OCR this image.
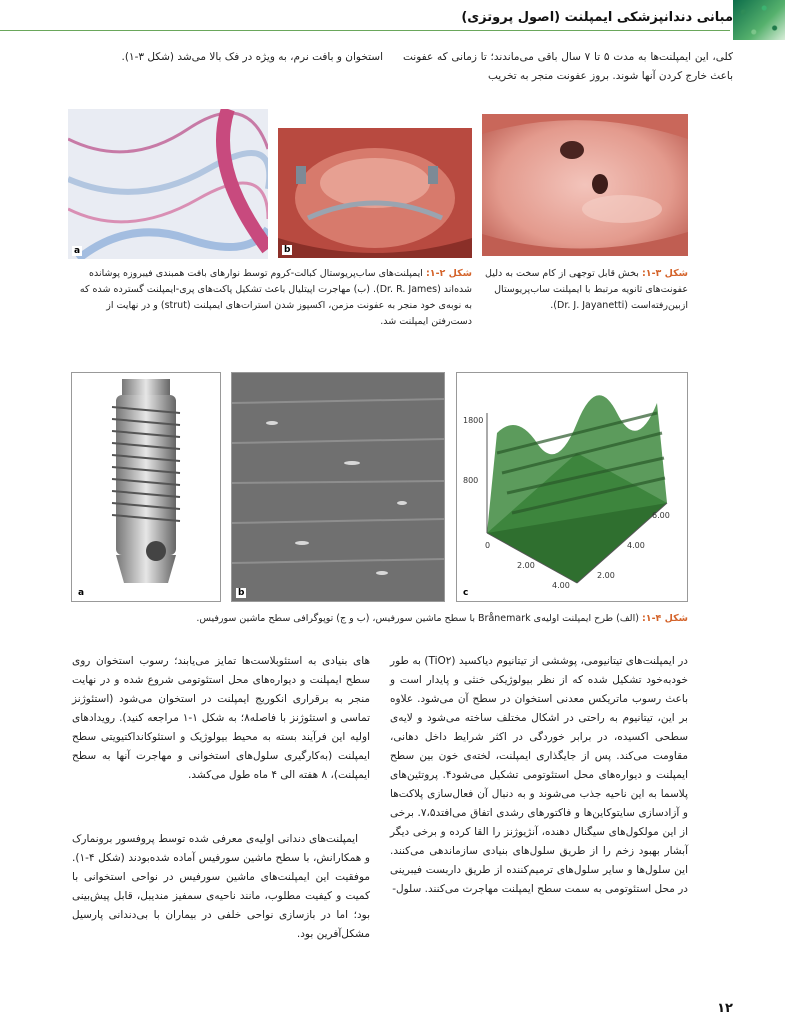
مبانی دندانپزشکی ایمپلنت (اصول پروتزی)
کلی، این ایمپلنت‌ها به مدت ۵ تا ۷ سال باقی می‌ماندند؛ تا زمانی که عفونت باعث خارج کردن آنها شوند. بروز عفونت منجر به تخریب
استخوان و بافت نرم، به ویژه در فک بالا می‌شد (شکل ۳-۱).
b
a
شکل ۳-۱: بخش قابل توجهی از کام سخت به دلیل عفونت‌های ثانویه مرتبط با ایمپلنت ساب‌پریوستال ازبین‌رفته‌است (Dr. J. Jayanetti).
شکل ۲-۱: ایمپلنت‌های ساب‌پریوستال کبالت-کروم توسط نوارهای بافت همبندی فیبروزه پوشانده شده‌اند (Dr. R. James). (ب) مهاجرت اپیتلیال باعث تشکیل پاکت‌های پری-ایمپلنت گسترده شده که به نوبه‌ی خود منجر به عفونت مزمن، اکسپوز شدن استرات‌های ایمپلنت (strut) و در نهایت از دست‌رفتن ایمپلنت شد.
1800
800
0
2.00
4.00
2.00
4.00
6.00
c
b
a
شکل ۴-۱: (الف) طرح ایمپلنت اولیه‌ی Brånemark با سطح ماشین سورفیس، (ب و ج) توپوگرافی سطح ماشین سورفیس.
در ایمپلنت‌های تیتانیومی، پوششی از تیتانیوم دیاکسید (TiO۲) به طور خودبه‌خود تشکیل شده که از نظر بیولوژیکی خنثی و پایدار است و باعث رسوب ماتریکس معدنی استخوان در سطح آن می‌شود. علاوه بر این، تیتانیوم به راحتی در اشکال مختلف ساخته می‌شود و لایه‌ی سطحی اکسیده، در برابر خوردگی در اکثر شرایط داخل دهانی، مقاومت می‌کند. پس از جایگذاری ایمپلنت، لخته‌ی خون بین سطح ایمپلنت و دیواره‌های محل استئوتومی تشکیل می‌شود۴. پروتئین‌های پلاسما به این ناحیه جذب می‌شوند و به دنبال آن فعال‌سازی پلاکت‌ها و آزادسازی سایتوکاین‌ها و فاکتورهای رشدی اتفاق می‌افتد۷،۵. برخی از این مولکول‌های سیگنال دهنده، آنژیوژنز را القا کرده و برخی دیگر آبشار بهبود زخم را از طریق سلول‌های بنیادی سازماندهی می‌کنند. این سلول‌ها و سایر سلول‌های ترمیم‌کننده از طریق داربست فیبرینی در محل استئوتومی به سمت سطح ایمپلنت مهاجرت می‌کنند. سلول-
های بنیادی به استئوبلاست‌ها تمایز می‌یابند؛ رسوب استخوان روی سطح ایمپلنت و دیواره‌های محل استئوتومی شروع شده و در نهایت منجر به برقراری انکوریج ایمپلنت در استخوان می‌شود (استئوژنز تماسی و استئوژنز با فاصله۸؛ به شکل ۱-۱ مراجعه کنید). رویدادهای اولیه این فرآیند بسته به محیط بیولوژیک و استئوکانداکتیویتی سطح ایمپلنت (به‌کارگیری سلول‌های استخوانی و مهاجرت آنها به سطح ایمپلنت)، ۸ هفته الی ۴ ماه طول می‌کشد.
ایمپلنت‌های دندانی اولیه‌ی معرفی شده توسط پروفسور برونمارک و همکارانش، با سطح ماشین سورفیس آماده شده‌بودند (شکل ۴-۱). موفقیت این ایمپلنت‌های ماشین سورفیس در نواحی استخوانی با کمیت و کیفیت مطلوب، مانند ناحیه‌ی سمفیز منديبل، قابل پیش‌بینی بود؛ اما در بازسازی نواحی خلفی در بیماران با بی‌دندانی پارسیل مشکل‌آفرین بود.
۱۲
